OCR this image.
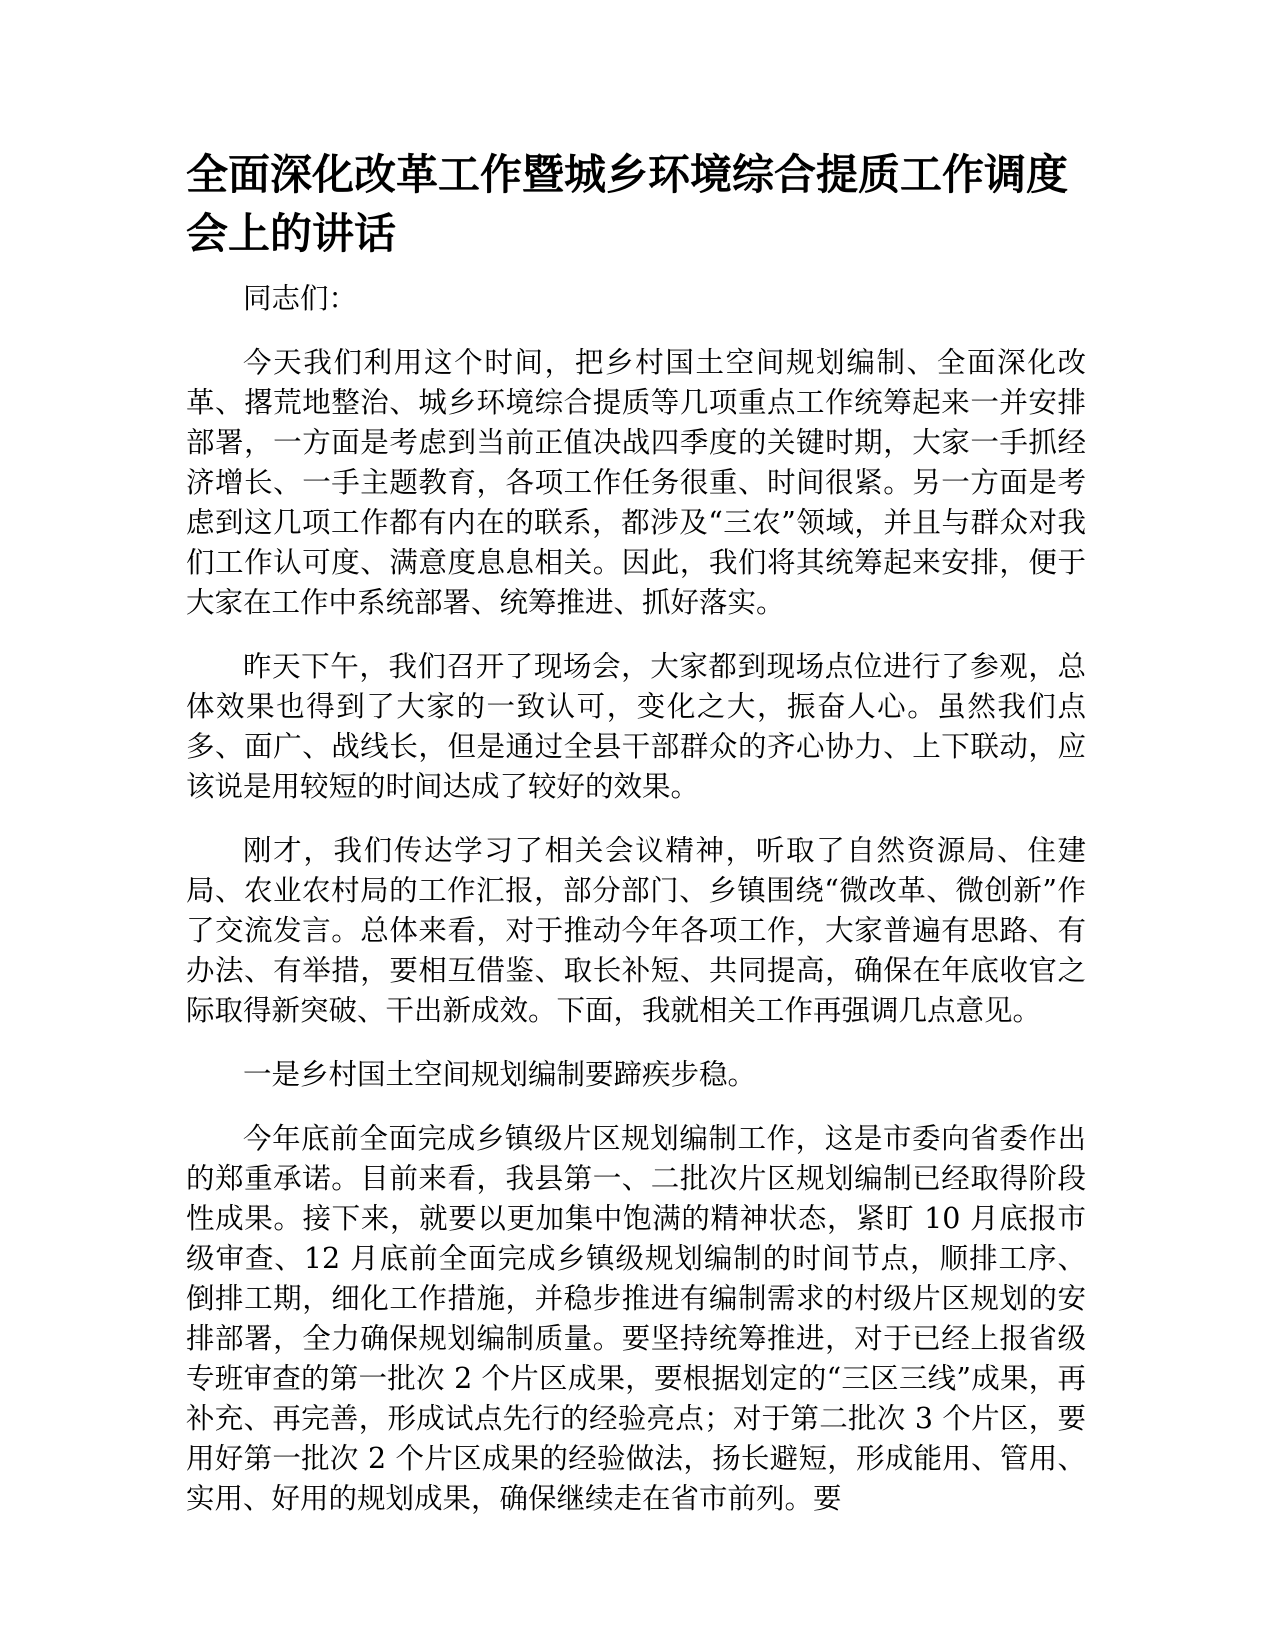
全面深化改革工作暨城乡环境综合提质工作调度会上的讲话

同志们：

今天我们利用这个时间，把乡村国土空间规划编制、全面深化改革、撂荒地整治、城乡环境综合提质等几项重点工作统筹起来一并安排部署，一方面是考虑到当前正值决战四季度的关键时期，大家一手抓经济增长、一手主题教育，各项工作任务很重、时间很紧。另一方面是考虑到这几项工作都有内在的联系，都涉及“三农”领域，并且与群众对我们工作认可度、满意度息息相关。因此，我们将其统筹起来安排，便于大家在工作中系统部署、统筹推进、抓好落实。

昨天下午，我们召开了现场会，大家都到现场点位进行了参观，总体效果也得到了大家的一致认可，变化之大，振奋人心。虽然我们点多、面广、战线长，但是通过全县干部群众的齐心协力、上下联动，应该说是用较短的时间达成了较好的效果。

刚才，我们传达学习了相关会议精神，听取了自然资源局、住建局、农业农村局的工作汇报，部分部门、乡镇围绕“微改革、微创新”作了交流发言。总体来看，对于推动今年各项工作，大家普遍有思路、有办法、有举措，要相互借鉴、取长补短、共同提高，确保在年底收官之际取得新突破、干出新成效。下面，我就相关工作再强调几点意见。

一是乡村国土空间规划编制要蹄疾步稳。

今年底前全面完成乡镇级片区规划编制工作，这是市委向省委作出的郑重承诺。目前来看，我县第一、二批次片区规划编制已经取得阶段性成果。接下来，就要以更加集中饱满的精神状态，紧盯 10 月底报市级审查、12 月底前全面完成乡镇级规划编制的时间节点，顺排工序、倒排工期，细化工作措施，并稳步推进有编制需求的村级片区规划的安排部署，全力确保规划编制质量。要坚持统筹推进，对于已经上报省级专班审查的第一批次 2 个片区成果，要根据划定的“三区三线”成果，再补充、再完善，形成试点先行的经验亮点；对于第二批次 3 个片区，要用好第一批次 2 个片区成果的经验做法，扬长避短，形成能用、管用、实用、好用的规划成果，确保继续走在省市前列。要
